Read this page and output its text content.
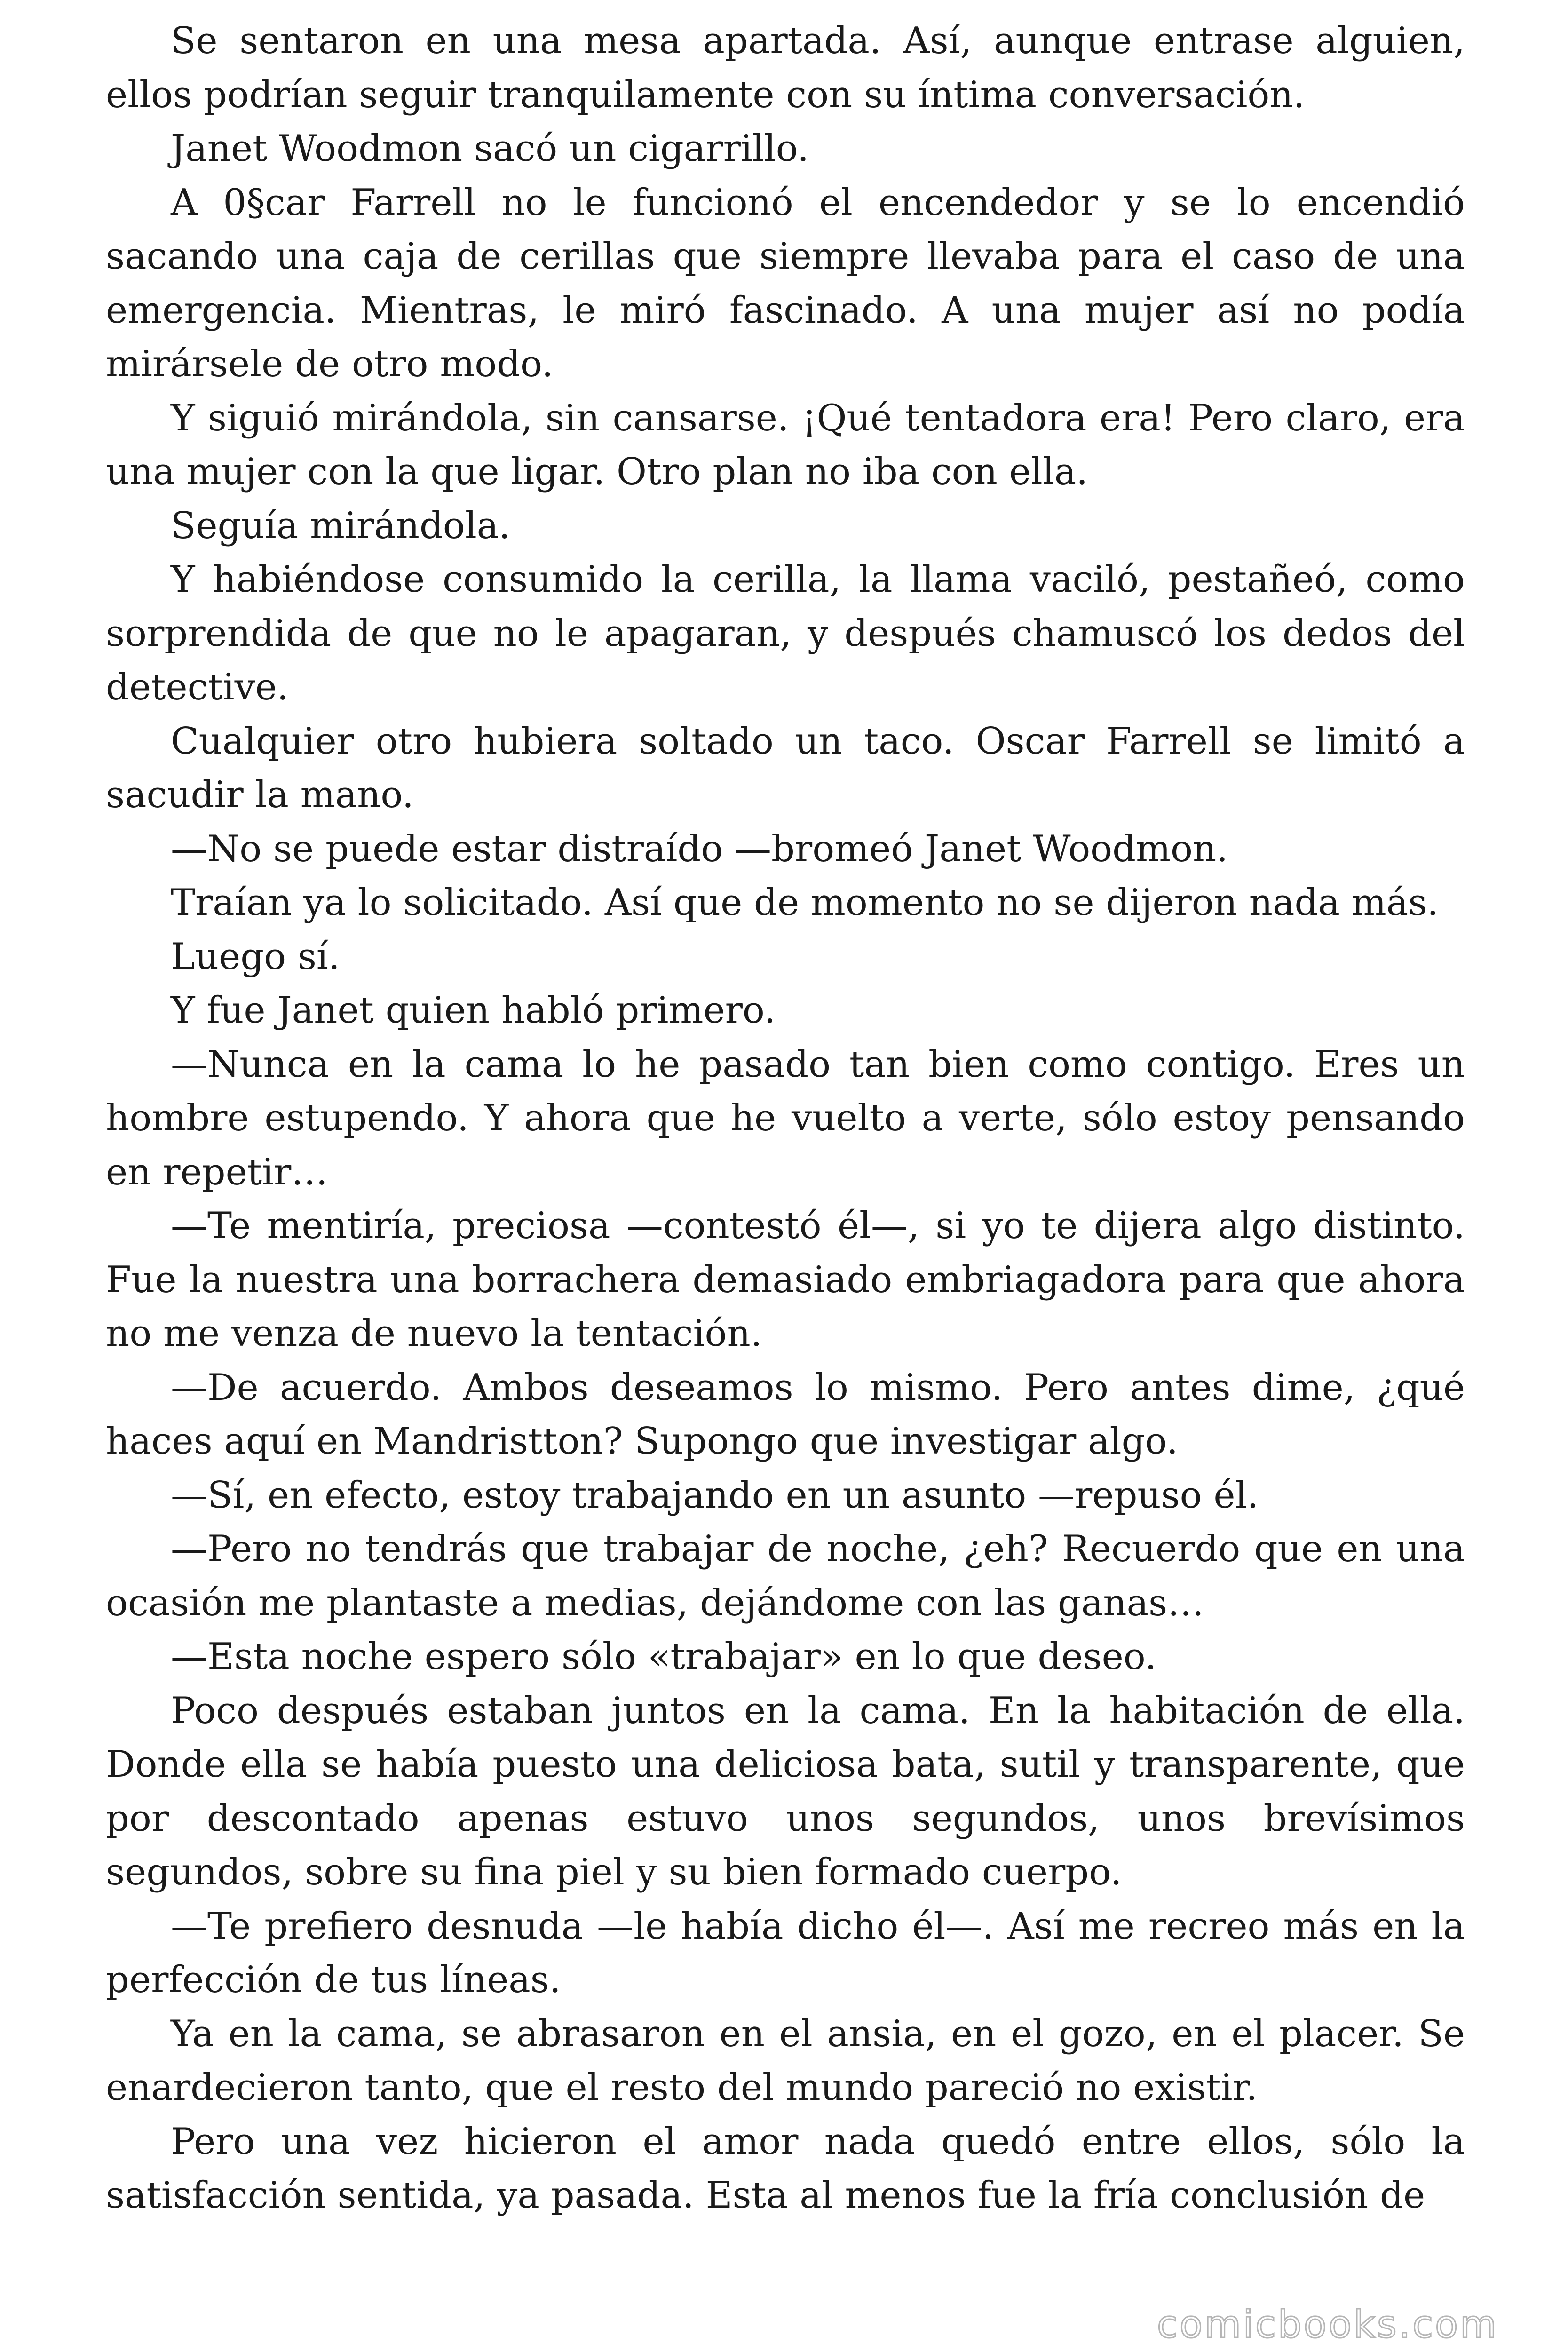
Se sentaron en una mesa apartada. Así, aunque entrase alguien, ellos podrían seguir tranquilamente con su íntima conversación.

Janet Woodmon sacó un cigarrillo.

A 0§car Farrell no le funcionó el encendedor y se lo encendió sacando una caja de cerillas que siempre llevaba para el caso de una emergencia. Mientras, le miró fascinado. A una mujer así no podía mirársele de otro modo.

Y siguió mirándola, sin cansarse. ¡Qué tentadora era! Pero claro, era una mujer con la que ligar. Otro plan no iba con ella.

Seguía mirándola.

Y habiéndose consumido la cerilla, la llama vaciló, pestañeó, como sorprendida de que no le apagaran, y después chamuscó los dedos del detective.

Cualquier otro hubiera soltado un taco. Oscar Farrell se limitó a sacudir la mano.

—No se puede estar distraído —bromeó Janet Woodmon.

Traían ya lo solicitado. Así que de momento no se dijeron nada más.

Luego sí.

Y fue Janet quien habló primero.

—Nunca en la cama lo he pasado tan bien como contigo. Eres un hombre estupendo. Y ahora que he vuelto a verte, sólo estoy pensando en repetir…

—Te mentiría, preciosa —contestó él—, si yo te dijera algo distinto. Fue la nuestra una borrachera demasiado embriagadora para que ahora no me venza de nuevo la tentación.

—De acuerdo. Ambos deseamos lo mismo. Pero antes dime, ¿qué haces aquí en Mandristton? Supongo que investigar algo.

—Sí, en efecto, estoy trabajando en un asunto —repuso él.

—Pero no tendrás que trabajar de noche, ¿eh? Recuerdo que en una ocasión me plantaste a medias, dejándome con las ganas…

—Esta noche espero sólo «trabajar» en lo que deseo.

Poco después estaban juntos en la cama. En la habitación de ella. Donde ella se había puesto una deliciosa bata, sutil y transparente, que por descontado apenas estuvo unos segundos, unos brevísimos segundos, sobre su fina piel y su bien formado cuerpo.

—Te prefiero desnuda —le había dicho él—. Así me recreo más en la perfección de tus líneas.

Ya en la cama, se abrasaron en el ansia, en el gozo, en el placer. Se enardecieron tanto, que el resto del mundo pareció no existir.

Pero una vez hicieron el amor nada quedó entre ellos, sólo la satisfacción sentida, ya pasada. Esta al menos fue la fría conclusión de

comicbooks.com
